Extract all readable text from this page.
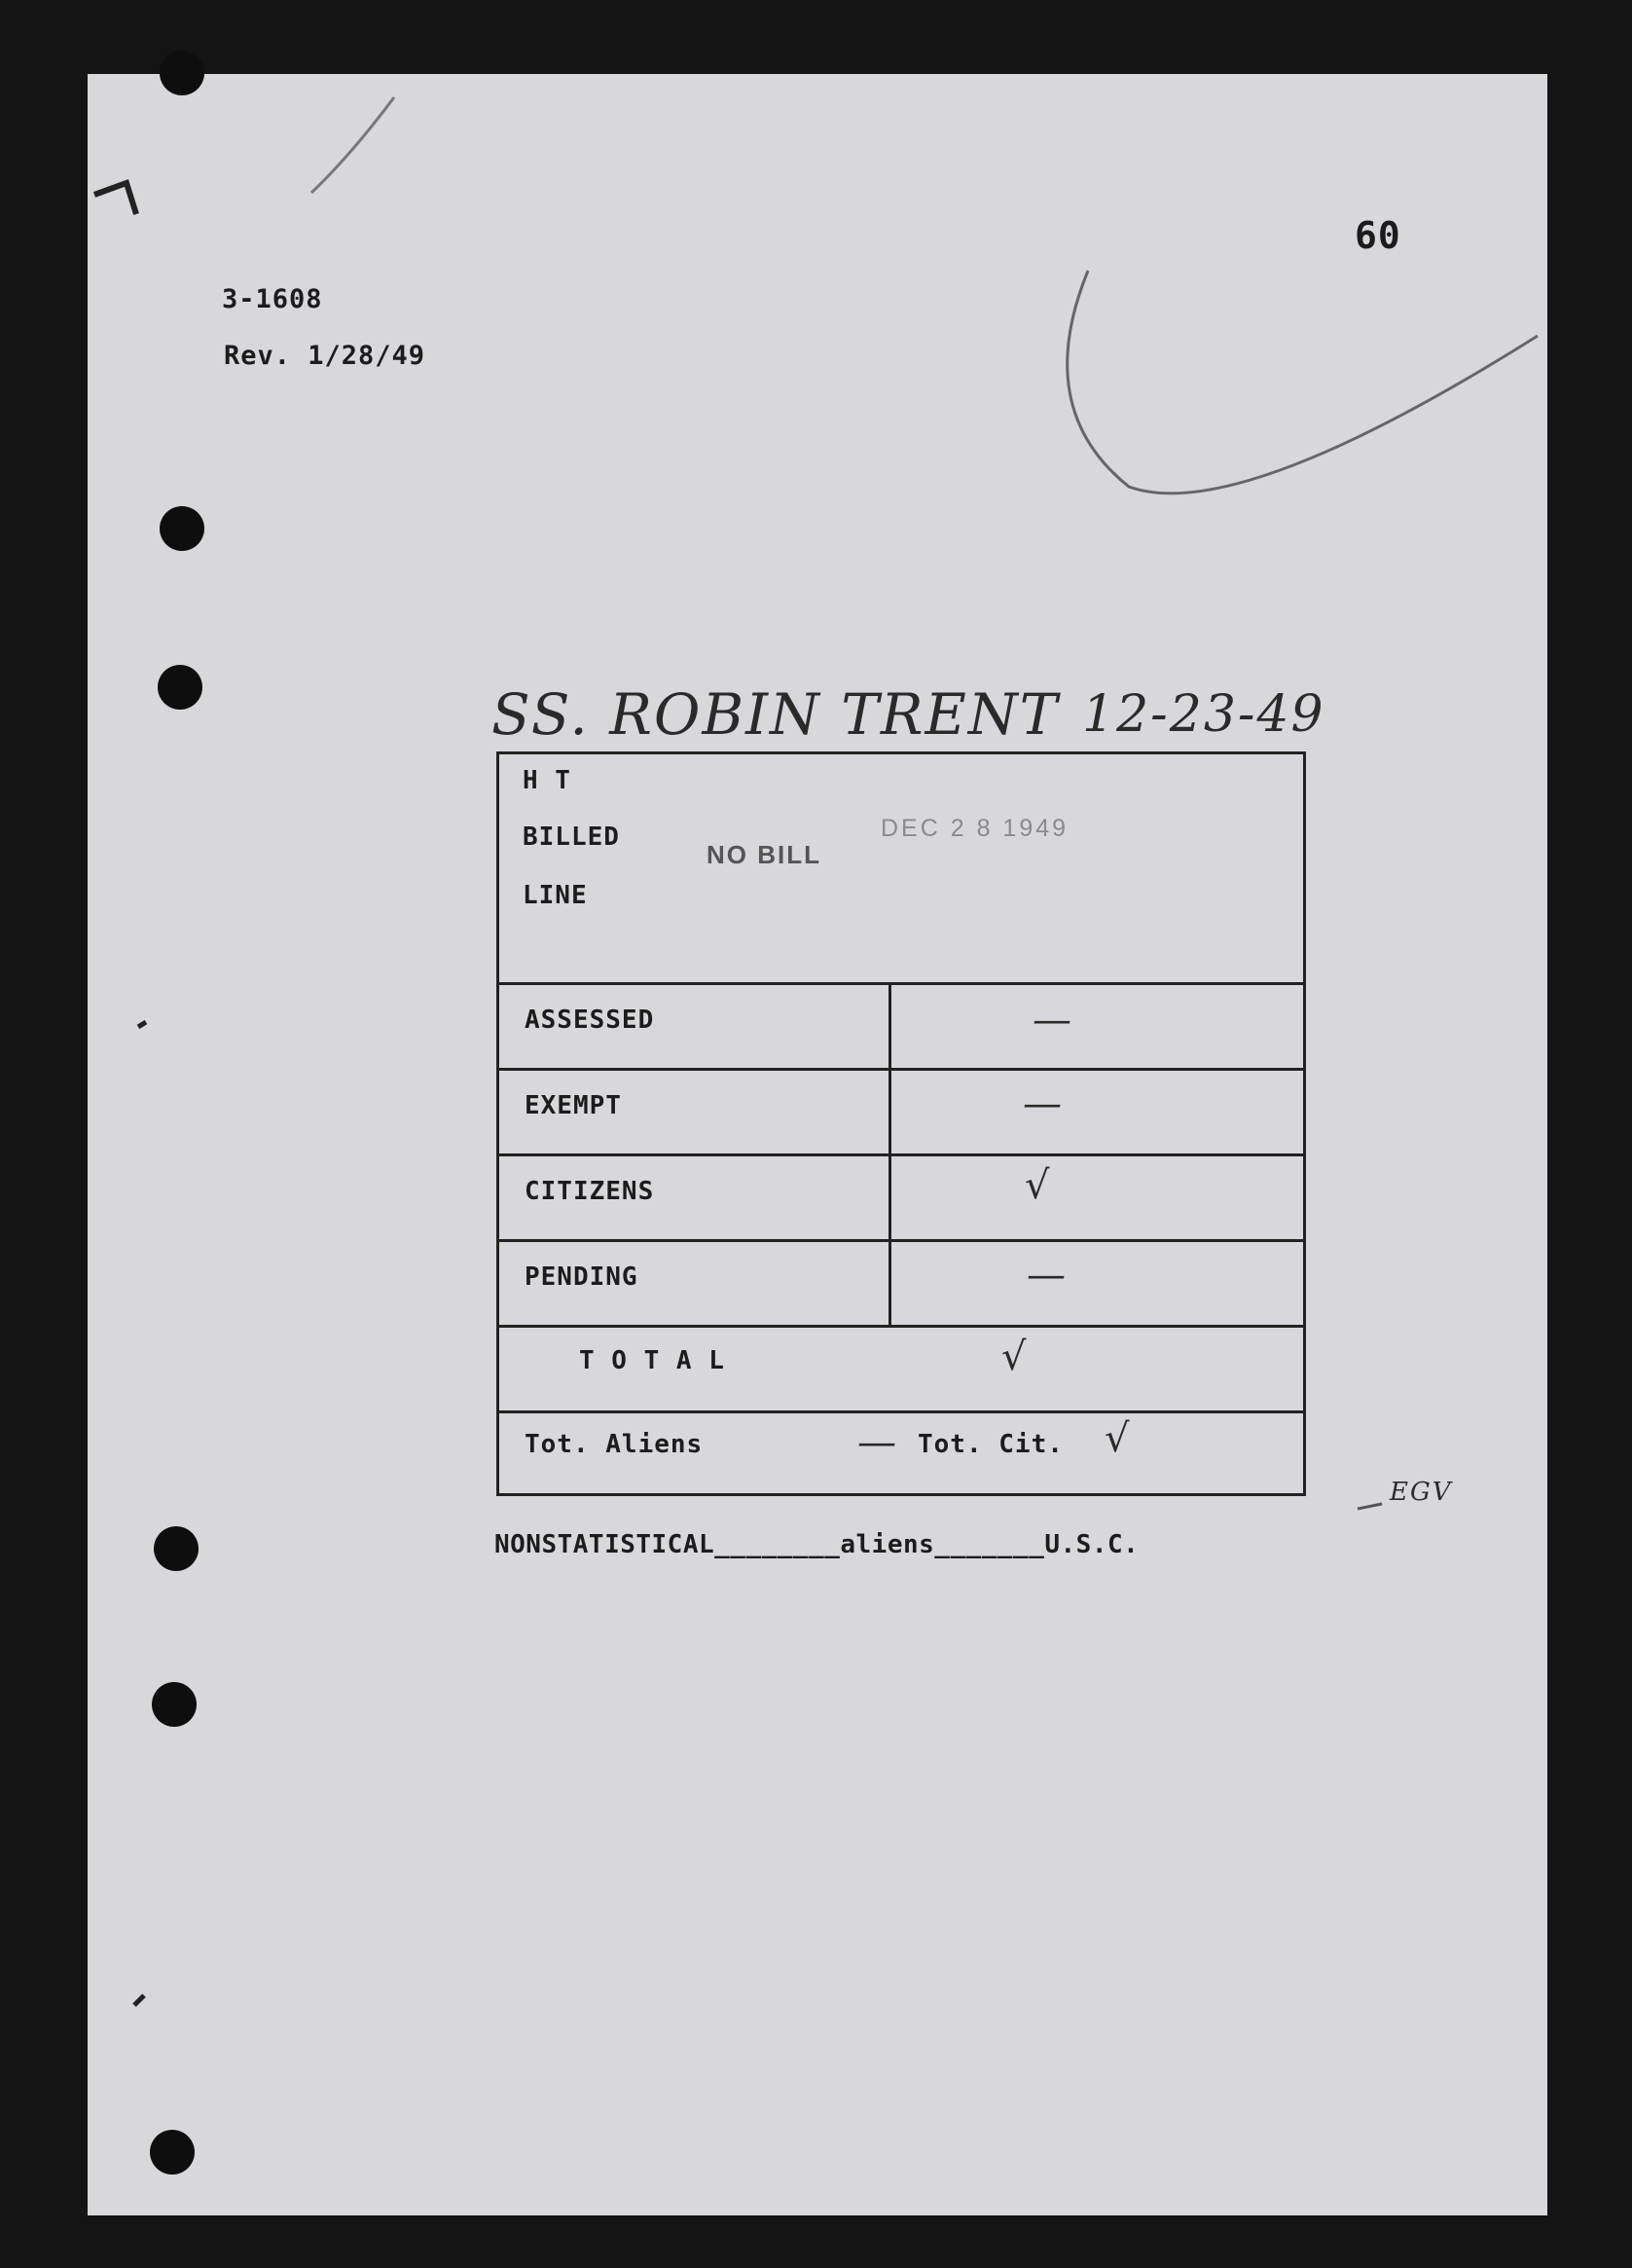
3-1608
Rev. 1/28/49
60
SS. ROBIN TRENT 12-23-49
EGV
H T
BILLED
LINE
NO BILL
DEC 2 8 1949
ASSESSED	—
EXEMPT	—
CITIZENS	√
PENDING	—
T O T A L	√
Tot. Aliens	— Tot. Cit. √
NONSTATISTICAL________aliens_______U.S.C.
